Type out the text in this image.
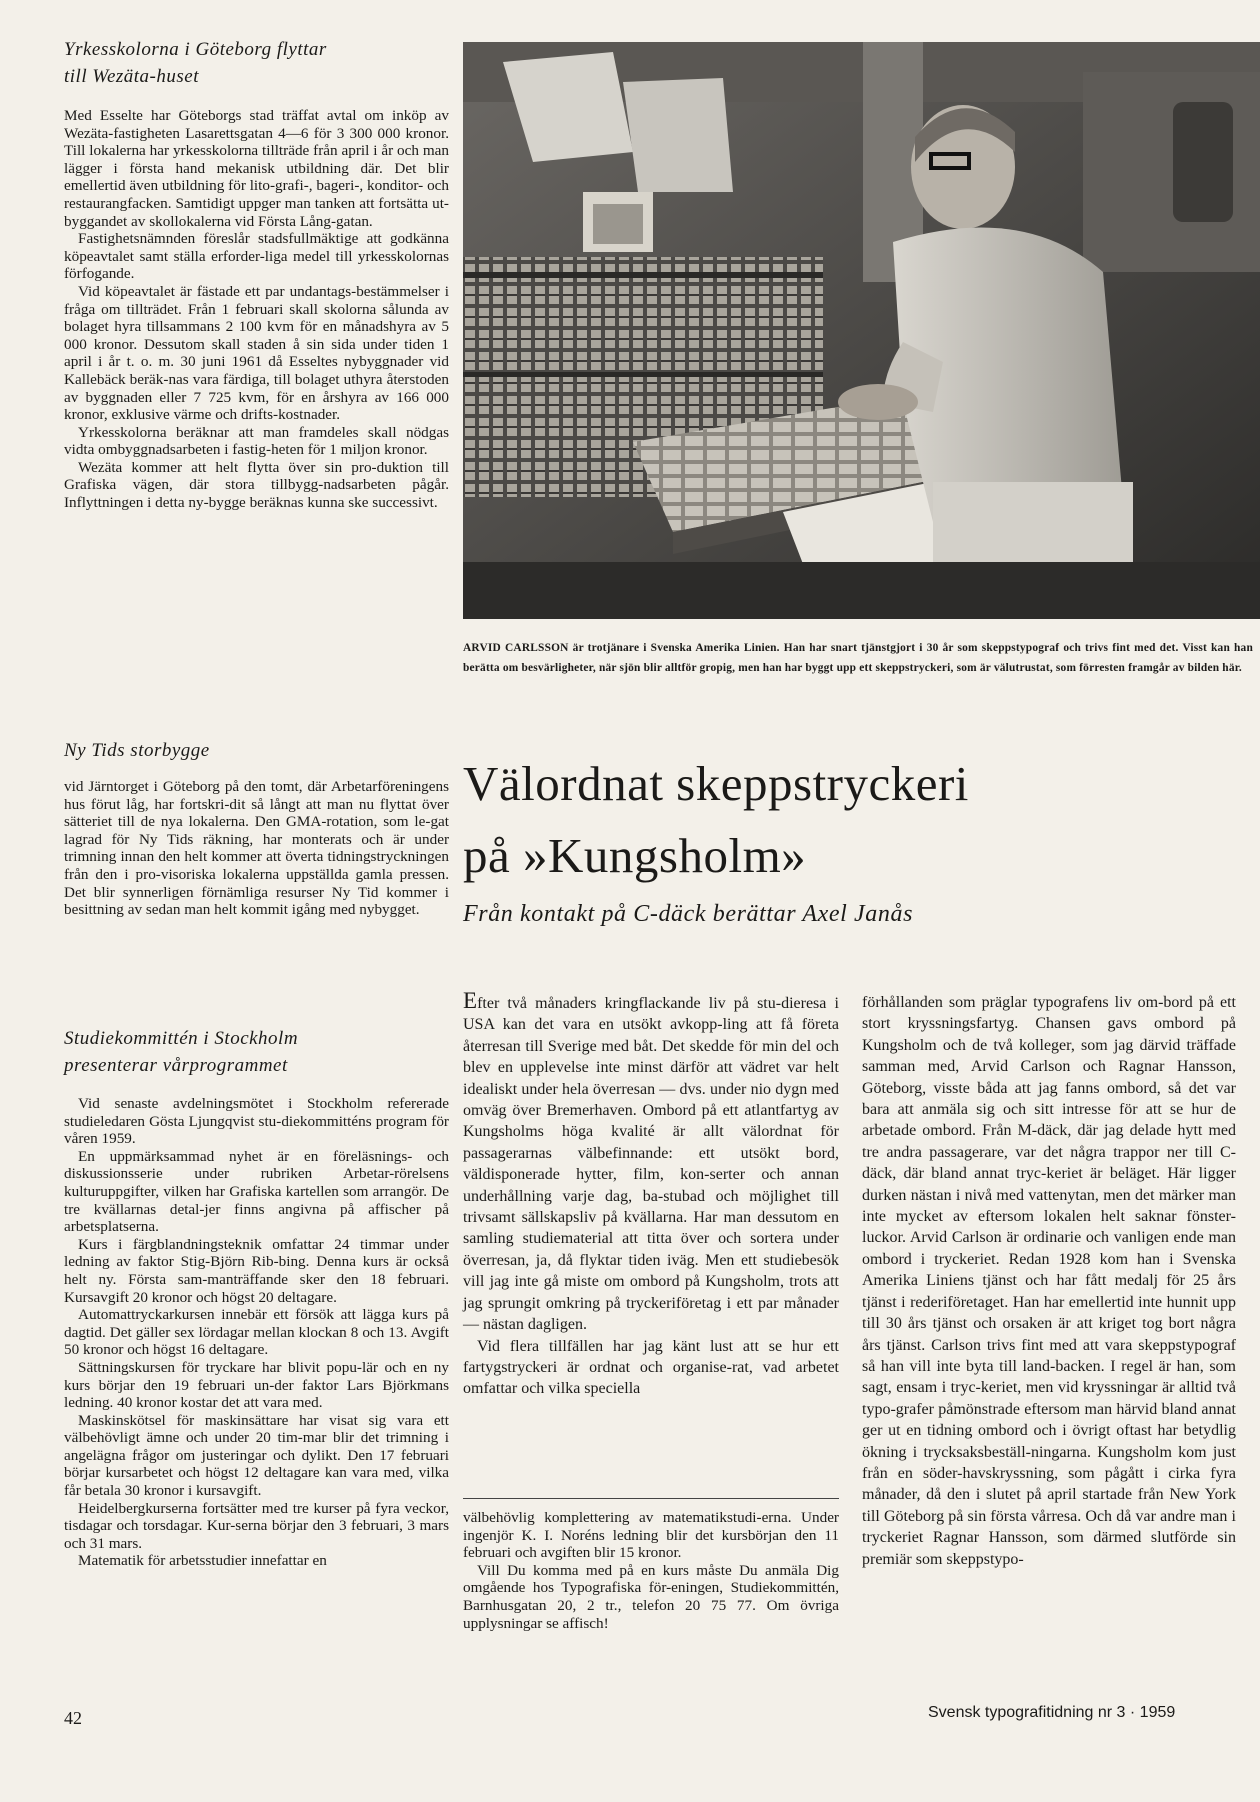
Yrkesskolorna i Göteborg flyttar

till Wezäta-huset

Med Esselte har Göteborgs stad träffat avtal om inköp av Wezäta-fastigheten Lasarettsgatan 4—6 för 3 300 000 kronor. Till lokalerna har yrkesskolorna tillträde från april i år och man lägger i första hand mekanisk utbildning där. Det blir emellertid även utbildning för lito-grafi-, bageri-, konditor- och restaurangfacken. Samtidigt uppger man tanken att fortsätta ut-byggandet av skollokalerna vid Första Lång-gatan.

Fastighetsnämnden föreslår stadsfullmäktige att godkänna köpeavtalet samt ställa erforder-liga medel till yrkesskolornas förfogande.

Vid köpeavtalet är fästade ett par undantags-bestämmelser i fråga om tillträdet. Från 1 februari skall skolorna sålunda av bolaget hyra tillsammans 2 100 kvm för en månadshyra av 5 000 kronor. Dessutom skall staden å sin sida under tiden 1 april i år t. o. m. 30 juni 1961 då Esseltes nybyggnader vid Kallebäck beräk-nas vara färdiga, till bolaget uthyra återstoden av byggnaden eller 7 725 kvm, för en årshyra av 166 000 kronor, exklusive värme och drifts-kostnader.

Yrkesskolorna beräknar att man framdeles skall nödgas vidta ombyggnadsarbeten i fastig-heten för 1 miljon kronor.

Wezäta kommer att helt flytta över sin pro-duktion till Grafiska vägen, där stora tillbygg-nadsarbeten pågår. Inflyttningen i detta ny-bygge beräknas kunna ske successivt.

Ny Tids storbygge

vid Järntorget i Göteborg på den tomt, där Arbetarföreningens hus förut låg, har fortskri-dit så långt att man nu flyttat över sätteriet till de nya lokalerna. Den GMA-rotation, som le-gat lagrad för Ny Tids räkning, har monterats och är under trimning innan den helt kommer att överta tidningstryckningen från den i pro-visoriska lokalerna uppställda gamla pressen. Det blir synnerligen förnämliga resurser Ny Tid kommer i besittning av sedan man helt kommit igång med nybygget.

Studiekommittén i Stockholm

presenterar vårprogrammet

Vid senaste avdelningsmötet i Stockholm refererade studieledaren Gösta Ljungqvist stu-diekommitténs program för våren 1959.

En uppmärksammad nyhet är en föreläsnings- och diskussionsserie under rubriken Arbetar-rörelsens kulturuppgifter, vilken har Grafiska kartellen som arrangör. De tre kvällarnas detal-jer finns angivna på affischer på arbetsplatserna.

Kurs i färgblandningsteknik omfattar 24 timmar under ledning av faktor Stig-Björn Rib-bing. Denna kurs är också helt ny. Första sam-manträffande sker den 18 februari. Kursavgift 20 kronor och högst 20 deltagare.

Automattryckarkursen innebär ett försök att lägga kurs på dagtid. Det gäller sex lördagar mellan klockan 8 och 13. Avgift 50 kronor och högst 16 deltagare.

Sättningskursen för tryckare har blivit popu-lär och en ny kurs börjar den 19 februari un-der faktor Lars Björkmans ledning. 40 kronor kostar det att vara med.

Maskinskötsel för maskinsättare har visat sig vara ett välbehövligt ämne och under 20 tim-mar blir det trimning i angelägna frågor om justeringar och dylikt. Den 17 februari börjar kursarbetet och högst 12 deltagare kan vara med, vilka får betala 30 kronor i kursavgift.

Heidelbergkurserna fortsätter med tre kurser på fyra veckor, tisdagar och torsdagar. Kur-serna börjar den 3 februari, 3 mars och 31 mars.

Matematik för arbetsstudier innefattar en

ARVID CARLSSON är trotjänare i Svenska Amerika Linien. Han har snart tjänstgjort i 30 år som skeppstypograf och trivs fint med det. Visst kan han berätta om besvärligheter, när sjön blir alltför gropig, men han har byggt upp ett skeppstryckeri, som är välutrustat, som förresten framgår av bilden här.

Välordnat skeppstryckeri
på »Kungsholm»
Från kontakt på C-däck berättar Axel Janås

Efter två månaders kringflackande liv på stu-dieresa i USA kan det vara en utsökt avkopp-ling att få företa återresan till Sverige med båt. Det skedde för min del och blev en upplevelse inte minst därför att vädret var helt idealiskt under hela överresan — dvs. under nio dygn med omväg över Bremerhaven. Ombord på ett atlantfartyg av Kungsholms höga kvalité är allt välordnat för passagerarnas välbefinnande: ett utsökt bord, väldisponerade hytter, film, kon-serter och annan underhållning varje dag, ba-stubad och möjlighet till trivsamt sällskapsliv på kvällarna. Har man dessutom en samling studiematerial att titta över och sortera under överresan, ja, då flyktar tiden iväg. Men ett studiebesök vill jag inte gå miste om ombord på Kungsholm, trots att jag sprungit omkring på tryckeriföretag i ett par månader — nästan dagligen.

Vid flera tillfällen har jag känt lust att se hur ett fartygstryckeri är ordnat och organise-rat, vad arbetet omfattar och vilka speciella

förhållanden som präglar typografens liv om-bord på ett stort kryssningsfartyg. Chansen gavs ombord på Kungsholm och de två kolleger, som jag därvid träffade samman med, Arvid Carlson och Ragnar Hansson, Göteborg, visste båda att jag fanns ombord, så det var bara att anmäla sig och sitt intresse för att se hur de arbetade ombord. Från M-däck, där jag delade hytt med tre andra passagerare, var det några trappor ner till C-däck, där bland annat tryc-keriet är beläget. Här ligger durken nästan i nivå med vattenytan, men det märker man inte mycket av eftersom lokalen helt saknar fönster-luckor. Arvid Carlson är ordinarie och vanligen ende man ombord i tryckeriet. Redan 1928 kom han i Svenska Amerika Liniens tjänst och har fått medalj för 25 års tjänst i rederiföretaget. Han har emellertid inte hunnit upp till 30 års tjänst och orsaken är att kriget tog bort några års tjänst. Carlson trivs fint med att vara skeppstypograf så han vill inte byta till land-backen. I regel är han, som sagt, ensam i tryc-keriet, men vid kryssningar är alltid två typo-grafer påmönstrade eftersom man härvid bland annat ger ut en tidning ombord och i övrigt oftast har betydlig ökning i trycksaksbeställ-ningarna. Kungsholm kom just från en söder-havskryssning, som pågått i cirka fyra månader, då den i slutet på april startade från New York till Göteborg på sin första vårresa. Och då var andre man i tryckeriet Ragnar Hansson, som därmed slutförde sin premiär som skeppstypo-

välbehövlig komplettering av matematikstudi-erna. Under ingenjör K. I. Noréns ledning blir det kursbörjan den 11 februari och avgiften blir 15 kronor.

Vill Du komma med på en kurs måste Du anmäla Dig omgående hos Typografiska för-eningen, Studiekommittén, Barnhusgatan 20, 2 tr., telefon 20 75 77. Om övriga upplysningar se affisch!

42	Svensk typografitidning nr 3 · 1959
